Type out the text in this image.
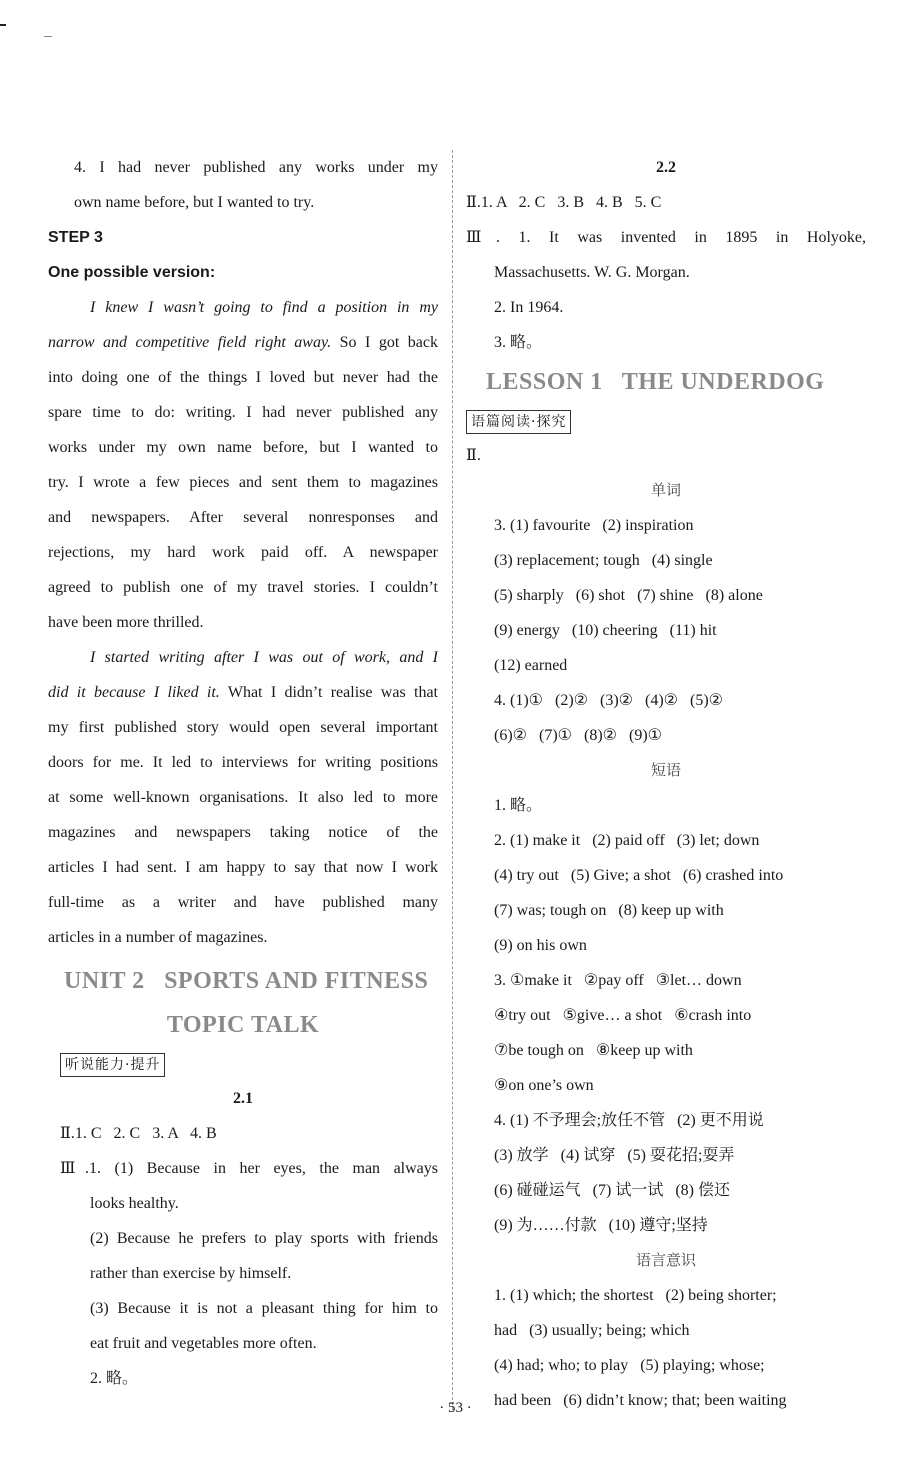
4. I had never published any works under my
own name before, but I wanted to try.
STEP 3
One possible version:
I knew I wasn’t going to find a position in my
narrow and competitive field right away. So I got back
into doing one of the things I loved but never had the
spare time to do: writing. I had never published any
works under my own name before, but I wanted to
try. I wrote a few pieces and sent them to magazines
and newspapers. After several nonresponses and
rejections, my hard work paid off. A newspaper
agreed to publish one of my travel stories. I couldn’t
have been more thrilled.
I started writing after I was out of work, and I
did it because I liked it. What I didn’t realise was that
my first published story would open several important
doors for me. It led to interviews for writing positions
at some well-known organisations. It also led to more
magazines and newspapers taking notice of the
articles I had sent. I am happy to say that now I work
full-time as a writer and have published many
articles in a number of magazines.
UNIT 2   SPORTS AND FITNESS
TOPIC TALK
听说能力·提升
2.1
Ⅱ.1. C   2. C   3. A   4. B
Ⅲ.1. (1) Because in her eyes, the man always
looks healthy.
(2) Because he prefers to play sports with friends
rather than exercise by himself.
(3) Because it is not a pleasant thing for him to
eat fruit and vegetables more often.
2. 略。
2.2
Ⅱ.1. A   2. C   3. B   4. B   5. C
Ⅲ. 1. It was invented in 1895 in Holyoke,
Massachusetts. W. G. Morgan.
2. In 1964.
3. 略。
LESSON 1   THE UNDERDOG
语篇阅读·探究
Ⅱ.
单词
3. (1) favourite   (2) inspiration
(3) replacement; tough   (4) single
(5) sharply   (6) shot   (7) shine   (8) alone
(9) energy   (10) cheering   (11) hit
(12) earned
4. (1)①   (2)②   (3)②   (4)②   (5)②
(6)②   (7)①   (8)②   (9)①
短语
1. 略。
2. (1) make it   (2) paid off   (3) let; down
(4) try out   (5) Give; a shot   (6) crashed into
(7) was; tough on   (8) keep up with
(9) on his own
3. ①make it   ②pay off   ③let… down
④try out   ⑤give… a shot   ⑥crash into
⑦be tough on   ⑧keep up with
⑨on one’s own
4. (1) 不予理会;放任不管   (2) 更不用说
(3) 放学   (4) 试穿   (5) 耍花招;耍弄
(6) 碰碰运气   (7) 试一试   (8) 偿还
(9) 为……付款   (10) 遵守;坚持
语言意识
1. (1) which; the shortest   (2) being shorter;
had   (3) usually; being; which
(4) had; who; to play   (5) playing; whose;
had been   (6) didn’t know; that; been waiting
· 53 ·
